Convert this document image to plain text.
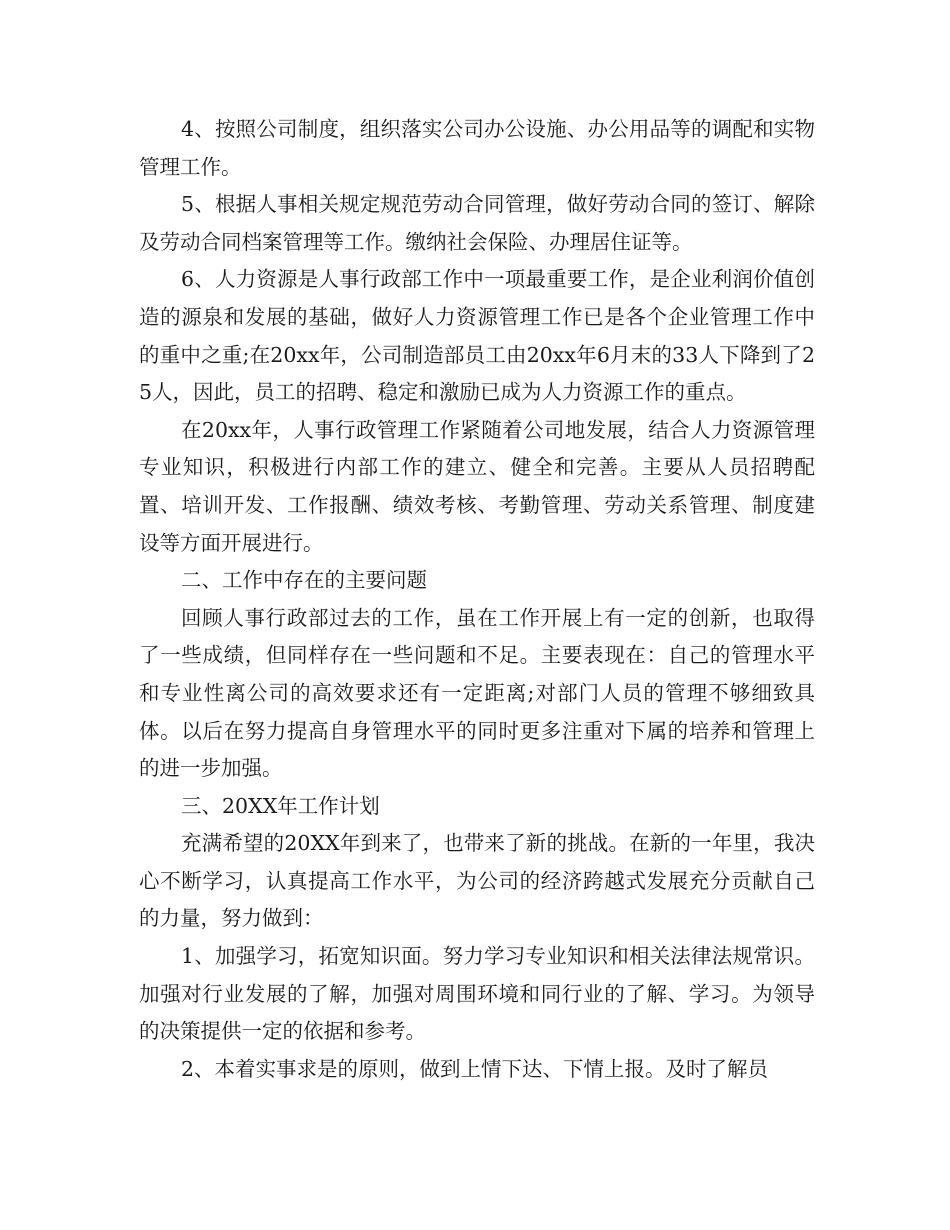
4、按照公司制度，组织落实公司办公设施、办公用品等的调配和实物管理工作。

5、根据人事相关规定规范劳动合同管理，做好劳动合同的签订、解除及劳动合同档案管理等工作。缴纳社会保险、办理居住证等。

6、人力资源是人事行政部工作中一项最重要工作，是企业利润价值创造的源泉和发展的基础，做好人力资源管理工作已是各个企业管理工作中的重中之重;在20xx年，公司制造部员工由20xx年6月末的33人下降到了25人，因此，员工的招聘、稳定和激励已成为人力资源工作的重点。

在20xx年，人事行政管理工作紧随着公司地发展，结合人力资源管理专业知识，积极进行内部工作的建立、健全和完善。主要从人员招聘配置、培训开发、工作报酬、绩效考核、考勤管理、劳动关系管理、制度建设等方面开展进行。

二、工作中存在的主要问题

回顾人事行政部过去的工作，虽在工作开展上有一定的创新，也取得了一些成绩，但同样存在一些问题和不足。主要表现在：自己的管理水平和专业性离公司的高效要求还有一定距离;对部门人员的管理不够细致具体。以后在努力提高自身管理水平的同时更多注重对下属的培养和管理上的进一步加强。

三、20XX年工作计划

充满希望的20XX年到来了，也带来了新的挑战。在新的一年里，我决心不断学习，认真提高工作水平，为公司的经济跨越式发展充分贡献自己的力量，努力做到：

1、加强学习，拓宽知识面。努力学习专业知识和相关法律法规常识。加强对行业发展的了解，加强对周围环境和同行业的了解、学习。为领导的决策提供一定的依据和参考。

2、本着实事求是的原则，做到上情下达、下情上报。及时了解员
